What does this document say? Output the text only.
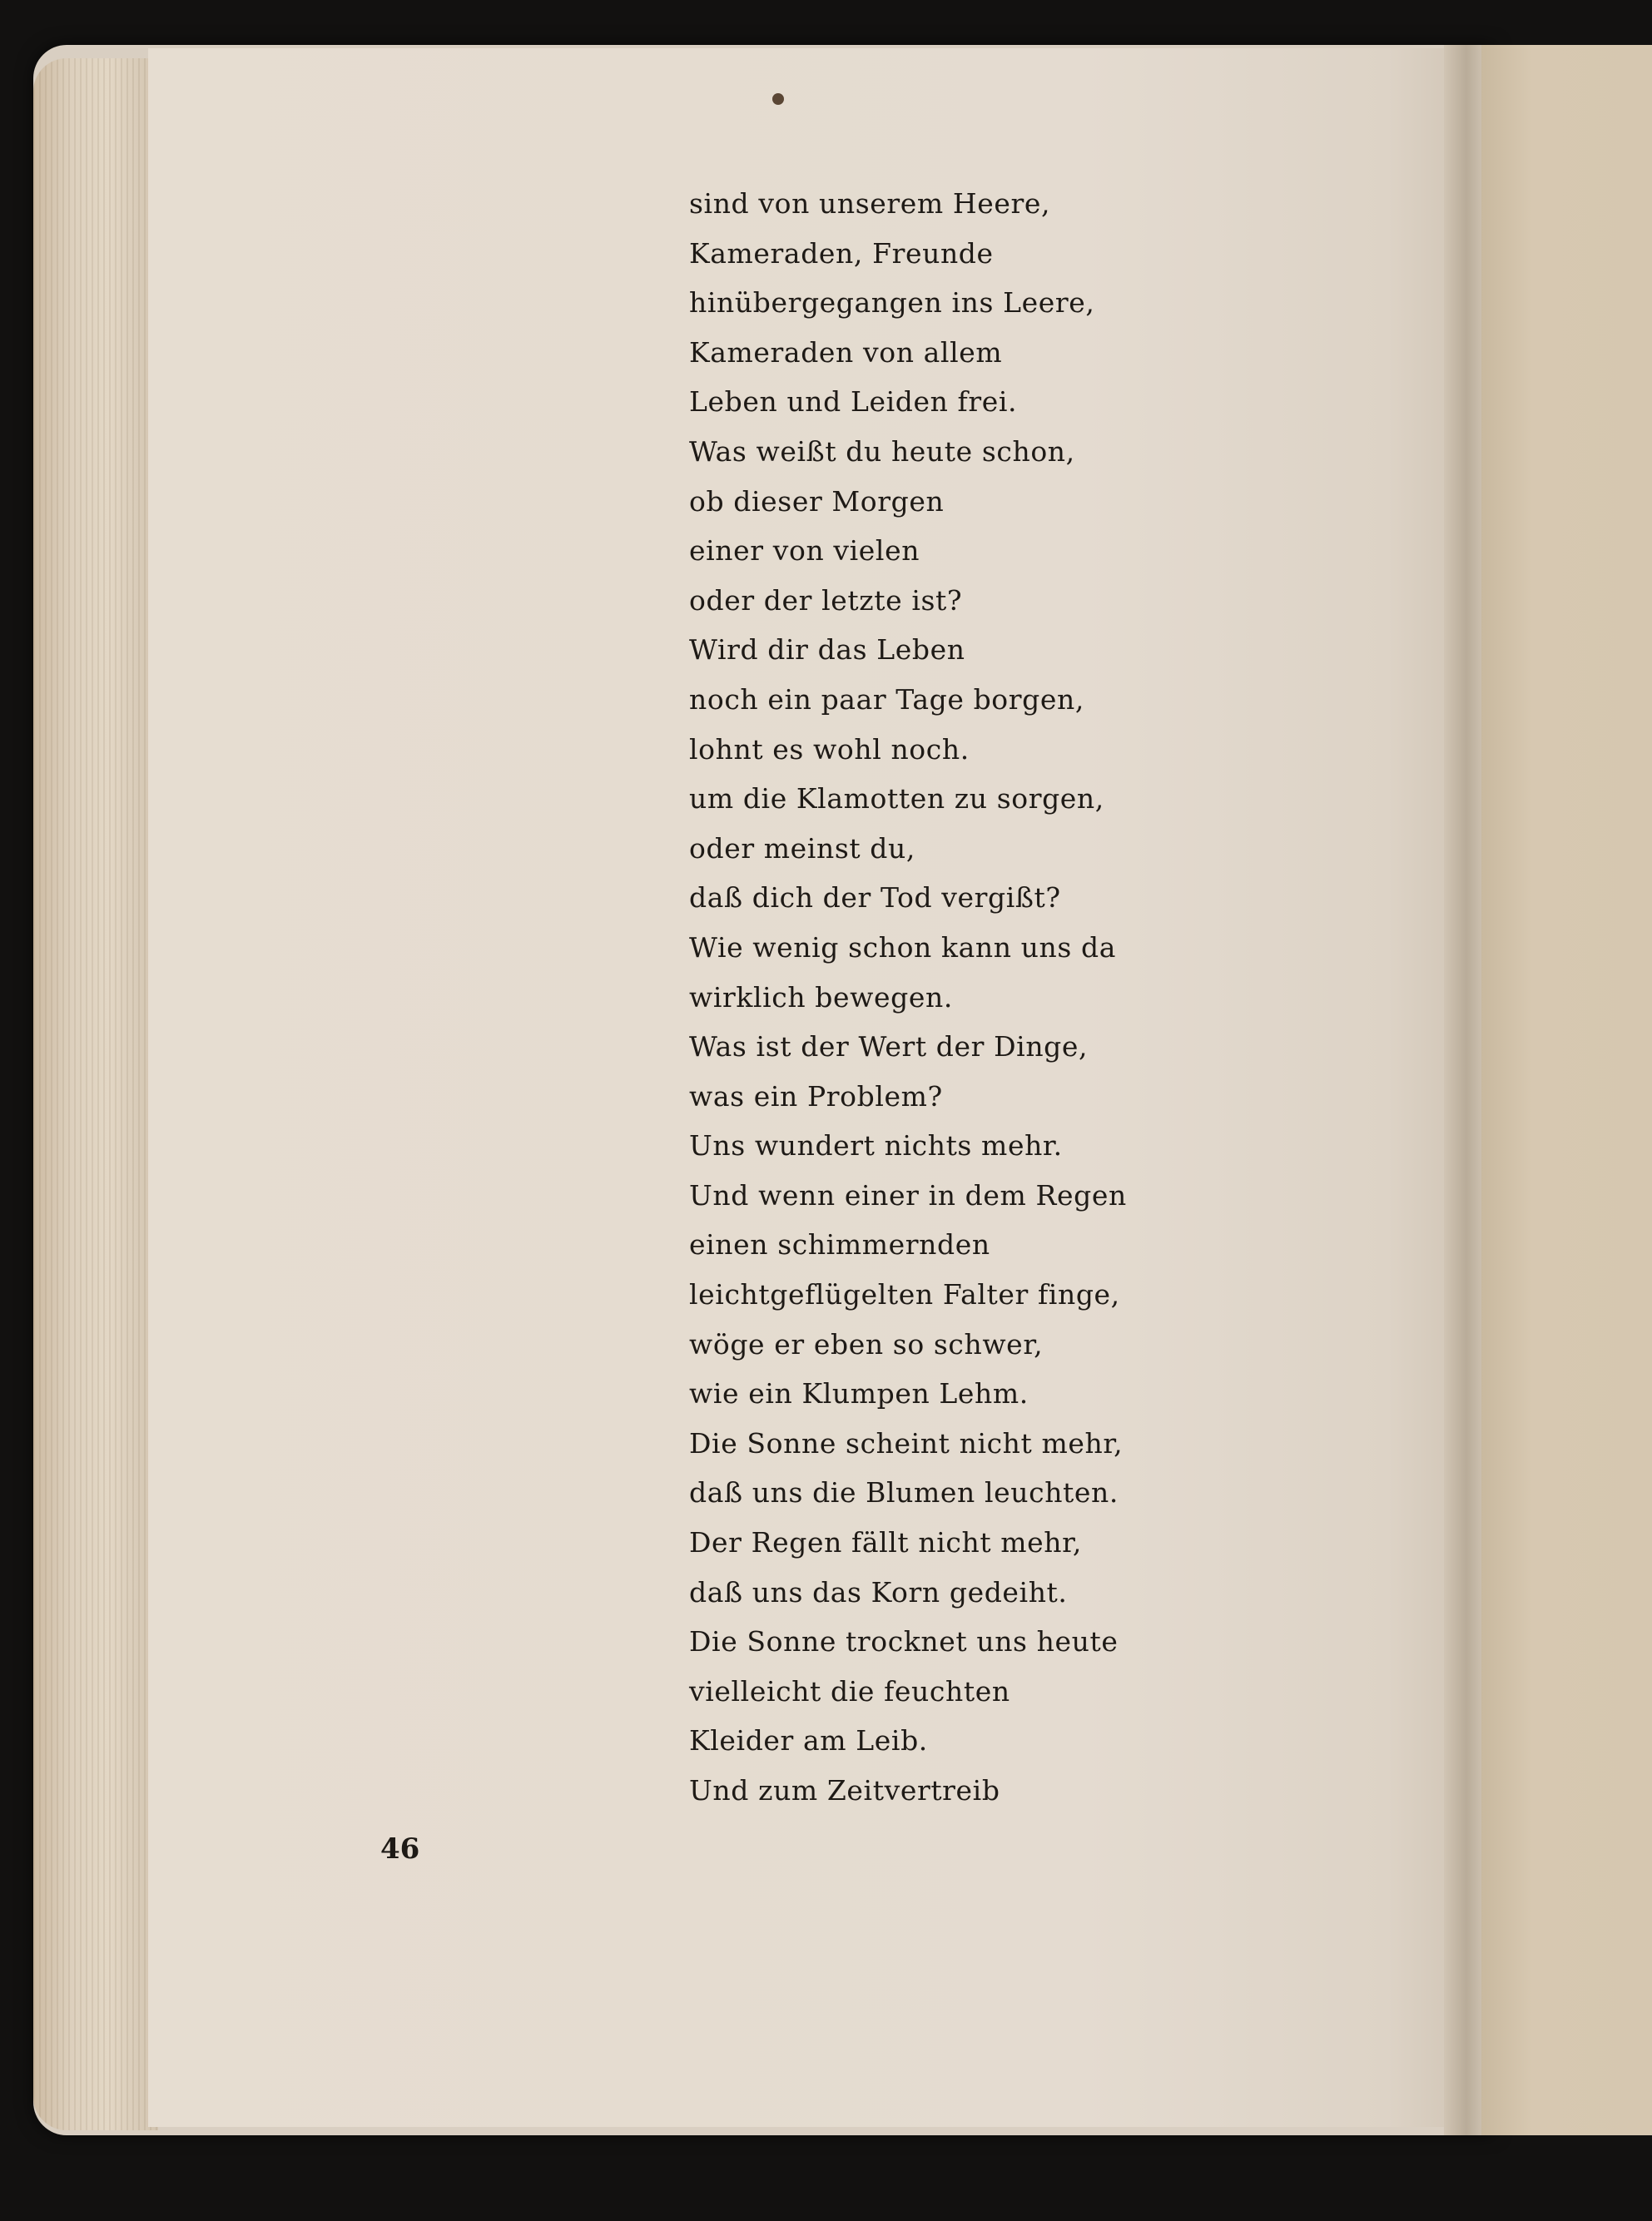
sind von unserem Heere,
Kameraden, Freunde
hinübergegangen ins Leere,
Kameraden von allem
Leben und Leiden frei.
Was weißt du heute schon,
ob dieser Morgen
einer von vielen
oder der letzte ist?
Wird dir das Leben
noch ein paar Tage borgen,
lohnt es wohl noch.
um die Klamotten zu sorgen,
oder meinst du,
daß dich der Tod vergißt?
Wie wenig schon kann uns da
wirklich bewegen.
Was ist der Wert der Dinge,
was ein Problem?
Uns wundert nichts mehr.
Und wenn einer in dem Regen
einen schimmernden
leichtgeflügelten Falter finge,
wöge er eben so schwer,
wie ein Klumpen Lehm.
Die Sonne scheint nicht mehr,
daß uns die Blumen leuchten.
Der Regen fällt nicht mehr,
daß uns das Korn gedeiht.
Die Sonne trocknet uns heute
vielleicht die feuchten
Kleider am Leib.
Und zum Zeitvertreib
46
